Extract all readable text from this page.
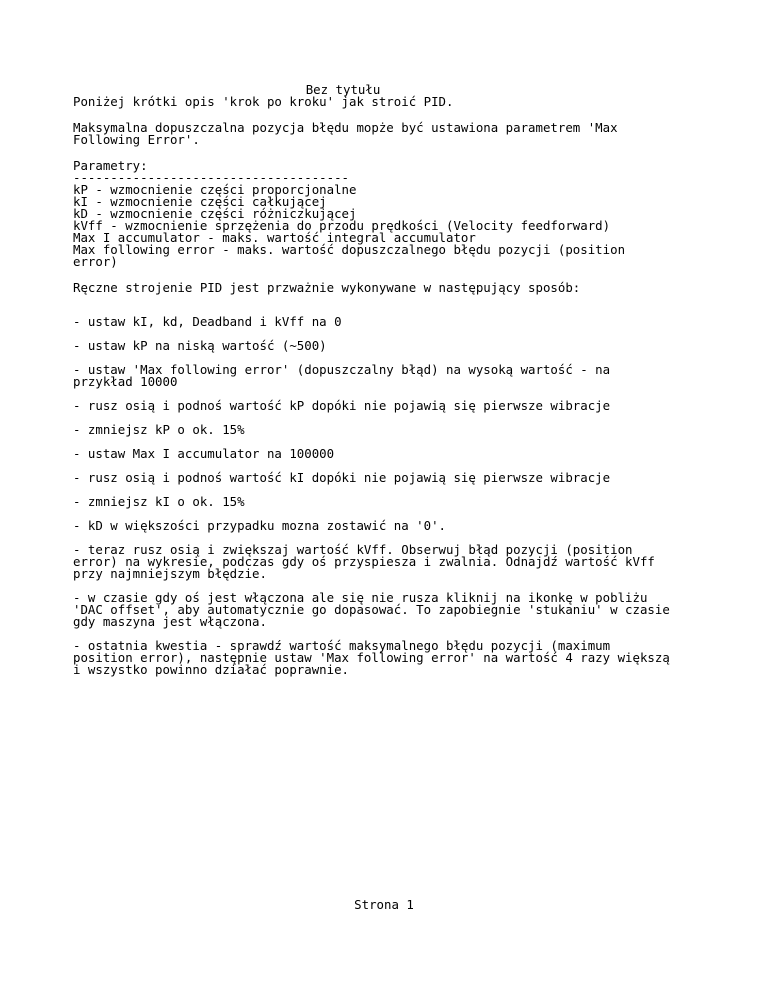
Bez tytułu
Poniżej krótki opis 'krok po kroku' jak stroić PID.
Maksymalna dopuszczalna pozycja błędu mopże być ustawiona parametrem 'Max
Following Error'.
Parametry:
-------------------------------------
kP - wzmocnienie części proporcjonalne
kI - wzmocnienie części całkującej
kD - wzmocnienie części różniczkującej
kVff - wzmocnienie sprzężenia do przodu prędkości (Velocity feedforward)
Max I accumulator - maks. wartość integral accumulator
Max following error - maks. wartość dopuszczalnego błędu pozycji (position
error)
Ręczne strojenie PID jest przważnie wykonywane w następujący sposób:
- ustaw kI, kd, Deadband i kVff na 0
- ustaw kP na niską wartość (~500)
- ustaw 'Max following error' (dopuszczalny błąd) na wysoką wartość - na
przykład 10000
- rusz osią i podnoś wartość kP dopóki nie pojawią się pierwsze wibracje
- zmniejsz kP o ok. 15%
- ustaw Max I accumulator na 100000
- rusz osią i podnoś wartość kI dopóki nie pojawią się pierwsze wibracje
- zmniejsz kI o ok. 15%
- kD w większości przypadku mozna zostawić na '0'.
- teraz rusz osią i zwiększaj wartość kVff. Obserwuj błąd pozycji (position
error) na wykresie, podczas gdy oś przyspiesza i zwalnia. Odnajdź wartość kVff
przy najmniejszym błędzie.
- w czasie gdy oś jest włączona ale się nie rusza kliknij na ikonkę w pobliżu
'DAC offset', aby automatycznie go dopasować. To zapobiegnie 'stukaniu' w czasie
gdy maszyna jest włączona.
- ostatnia kwestia - sprawdź wartość maksymalnego błędu pozycji (maximum
position error), następnie ustaw 'Max following error' na wartość 4 razy większą
i wszystko powinno działać poprawnie.
Strona 1
